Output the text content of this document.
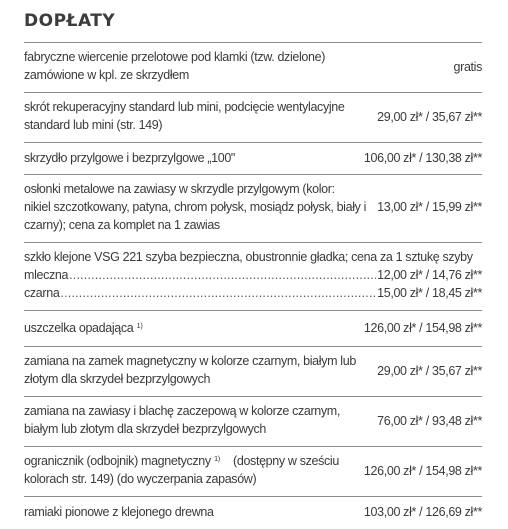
DOPŁATY
fabryczne wiercenie przelotowe pod klamki (tzw. dzielone)
zamówione w kpl. ze skrzydłem
gratis
skrót rekuperacyjny standard lub mini, podcięcie wentylacyjne
standard lub mini (str. 149)
29,00 zł* / 35,67 zł**
skrzydło przylgowe i bezprzylgowe „100"	106,00 zł* / 130,38 zł**
osłonki metalowe na zawiasy w skrzydle przylgowym (kolor:
nikiel szczotkowany, patyna, chrom połysk, mosiądz połysk, biały i
czarny); cena za komplet na 1 zawias
13,00 zł* / 15,99 zł**
szkło klejone VSG 221 szyba bezpieczna, obustronnie gładka; cena za 1 sztukę szyby
mleczna .....	12,00 zł* / 14,76 zł**
czarna .....	15,00 zł* / 18,45 zł**
uszczelka opadająca $^{1)}$	126,00 zł* / 154,98 zł**
zamiana na zamek magnetyczny w kolorze czarnym, białym lub
złotym dla skrzydeł bezprzylgowych
29,00 zł* / 35,67 zł**
zamiana na zawiasy i blachę zaczepową w kolorze czarnym,
białym lub złotym dla skrzydeł bezprzylgowych
76,00 zł* / 93,48 zł**
ogranicznik (odbojnik) magnetyczny $^{1)}$ (dostępny w sześciu
kolorach str. 149) (do wyczerpania zapasów)
126,00 zł* / 154,98 zł**
ramiaki pionowe z klejonego drewna	103,00 zł* / 126,69 zł**
